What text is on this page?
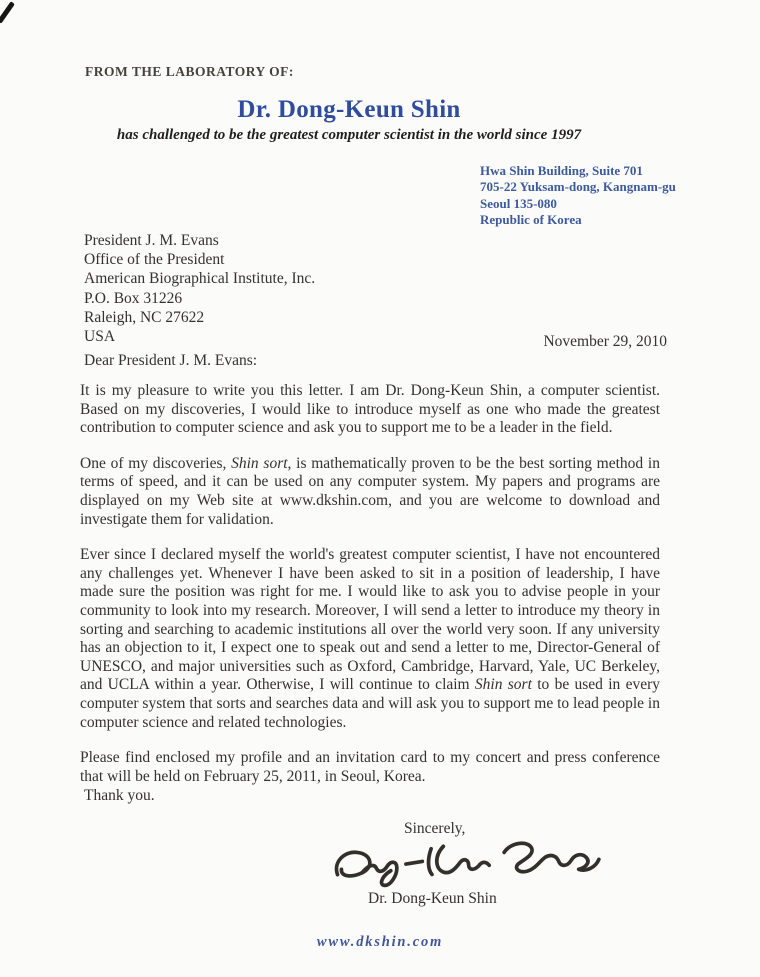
FROM THE LABORATORY OF:
Dr. Dong-Keun Shin
has challenged to be the greatest computer scientist in the world since 1997
Hwa Shin Building, Suite 701
705-22 Yuksam-dong, Kangnam-gu
Seoul 135-080
Republic of Korea
President J. M. Evans
Office of the President
American Biographical Institute, Inc.
P.O. Box 31226
Raleigh, NC 27622
USA	November 29, 2010
Dear President J. M. Evans:

It is my pleasure to write you this letter. I am Dr. Dong-Keun Shin, a computer scientist. Based on my discoveries, I would like to introduce myself as one who made the greatest contribution to computer science and ask you to support me to be a leader in the field.

One of my discoveries, Shin sort, is mathematically proven to be the best sorting method in terms of speed, and it can be used on any computer system. My papers and programs are displayed on my Web site at www.dkshin.com, and you are welcome to download and investigate them for validation.

Ever since I declared myself the world's greatest computer scientist, I have not encountered any challenges yet. Whenever I have been asked to sit in a position of leadership, I have made sure the position was right for me. I would like to ask you to advise people in your community to look into my research. Moreover, I will send a letter to introduce my theory in sorting and searching to academic institutions all over the world very soon. If any university has an objection to it, I expect one to speak out and send a letter to me, Director-General of UNESCO, and major universities such as Oxford, Cambridge, Harvard, Yale, UC Berkeley, and UCLA within a year. Otherwise, I will continue to claim Shin sort to be used in every computer system that sorts and searches data and will ask you to support me to lead people in computer science and related technologies.

Please find enclosed my profile and an invitation card to my concert and press conference that will be held on February 25, 2011, in Seoul, Korea.

Thank you.
Sincerely,
Dr. Dong-Keun Shin
www.dkshin.com
